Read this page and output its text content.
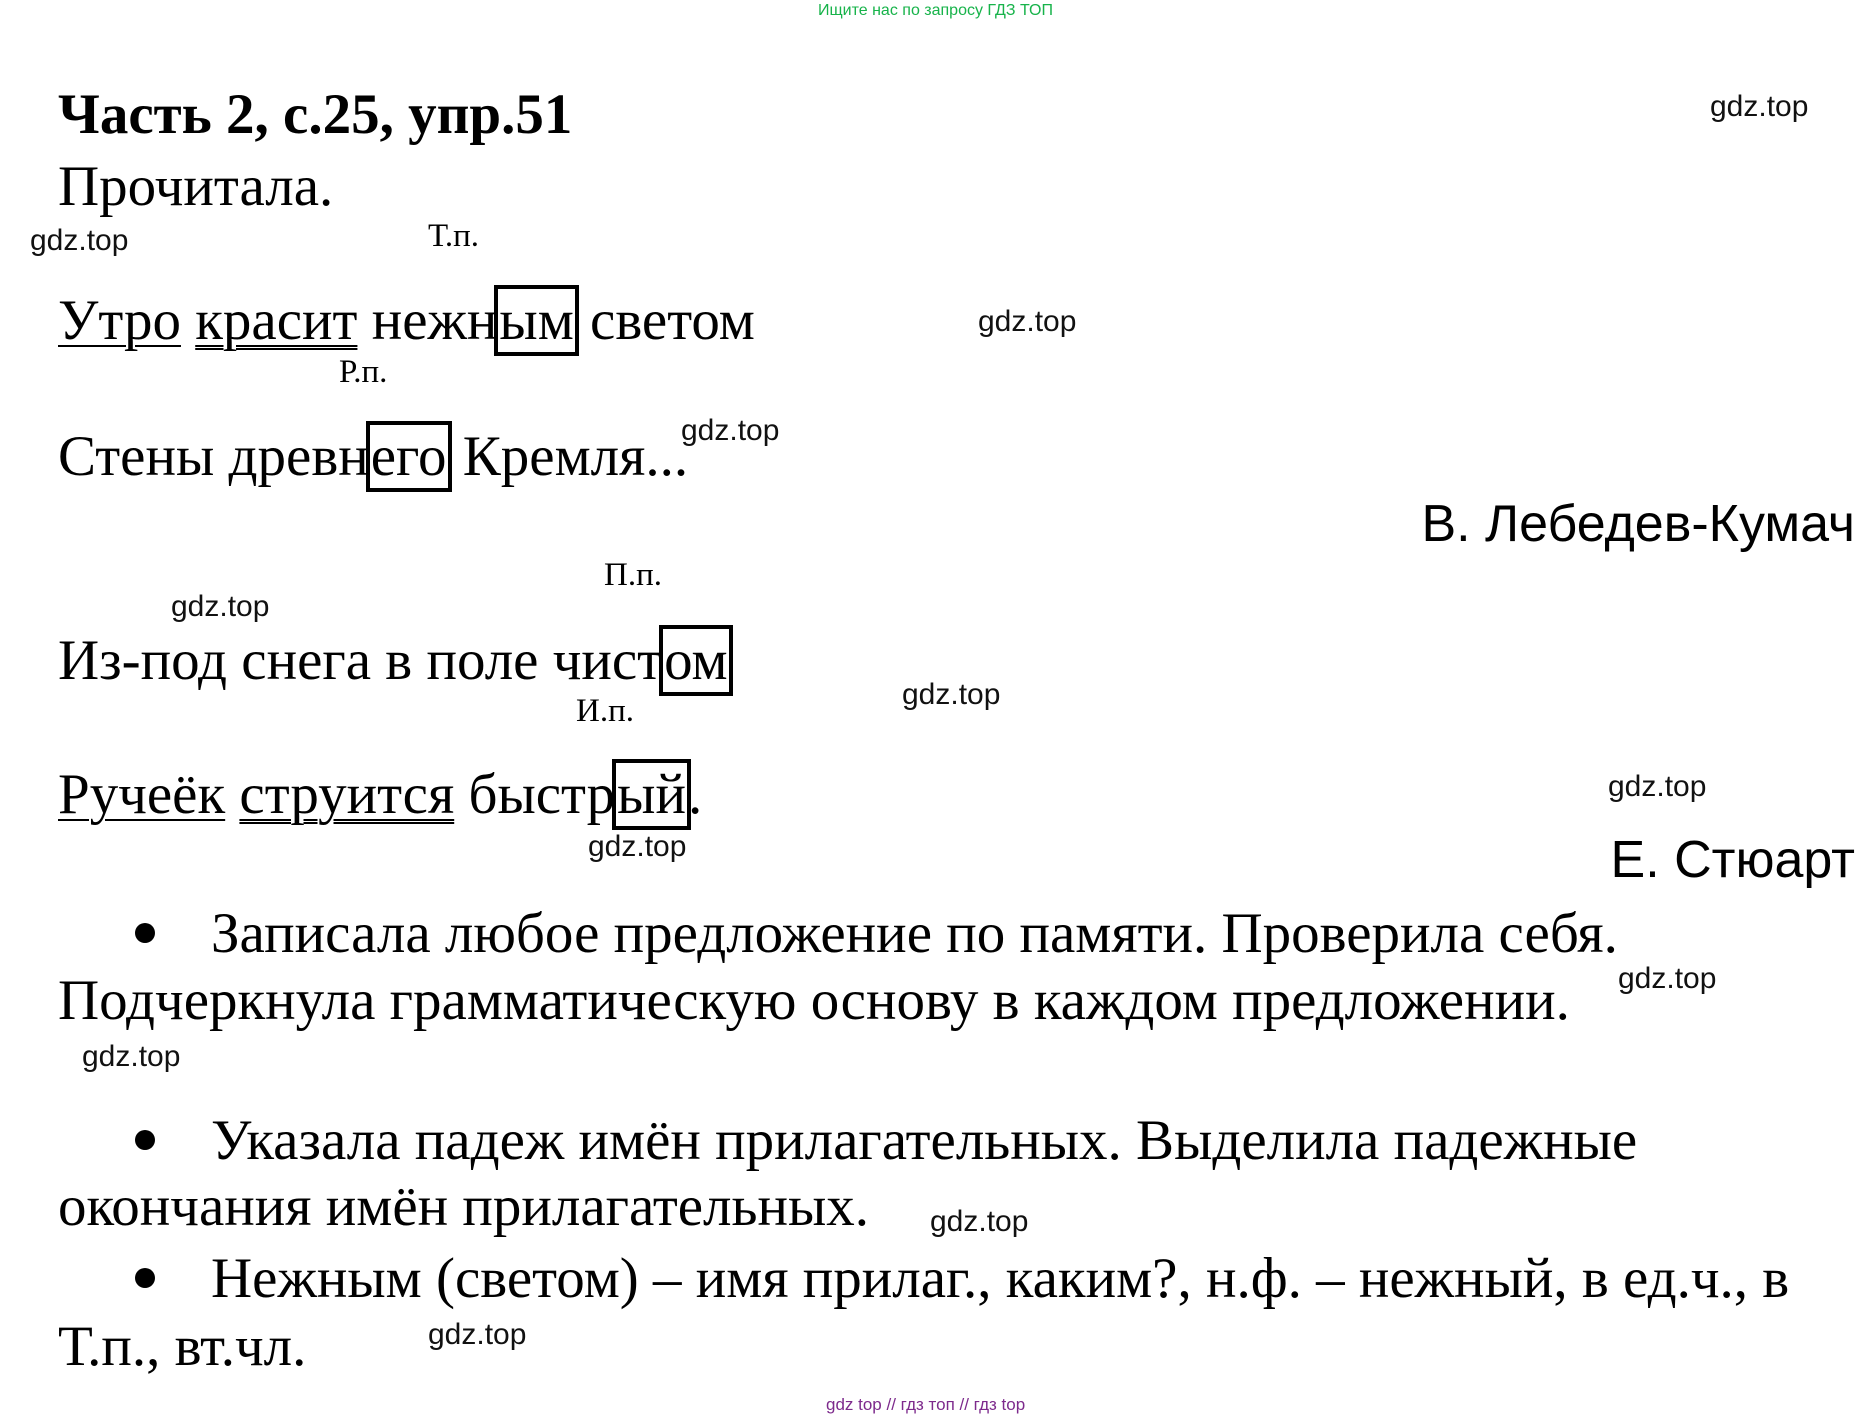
Ищите нас по запросу ГДЗ ТОП
Часть 2, с.25, упр.51
Прочитала.
Т.п.
Утро красит нежным светом
Р.п.
Стены древнего Кремля...
В. Лебедев-Кумач
П.п.
Из-под снега в поле чистом
И.п.
Ручеёк струится быстрый.
Е. Стюарт
Записала любое предложение по памяти. Проверила себя.
Подчеркнула грамматическую основу в каждом предложении.
Указала падеж имён прилагательных. Выделила падежные
окончания имён прилагательных.
Нежным (светом) – имя прилаг., каким?, н.ф. – нежный, в ед.ч., в
Т.п., вт.чл.
gdz.top
gdz.top
gdz.top
gdz.top
gdz.top
gdz.top
gdz.top
gdz.top
gdz.top
gdz.top
gdz.top
gdz.top
gdz top // гдз топ // гдз top
